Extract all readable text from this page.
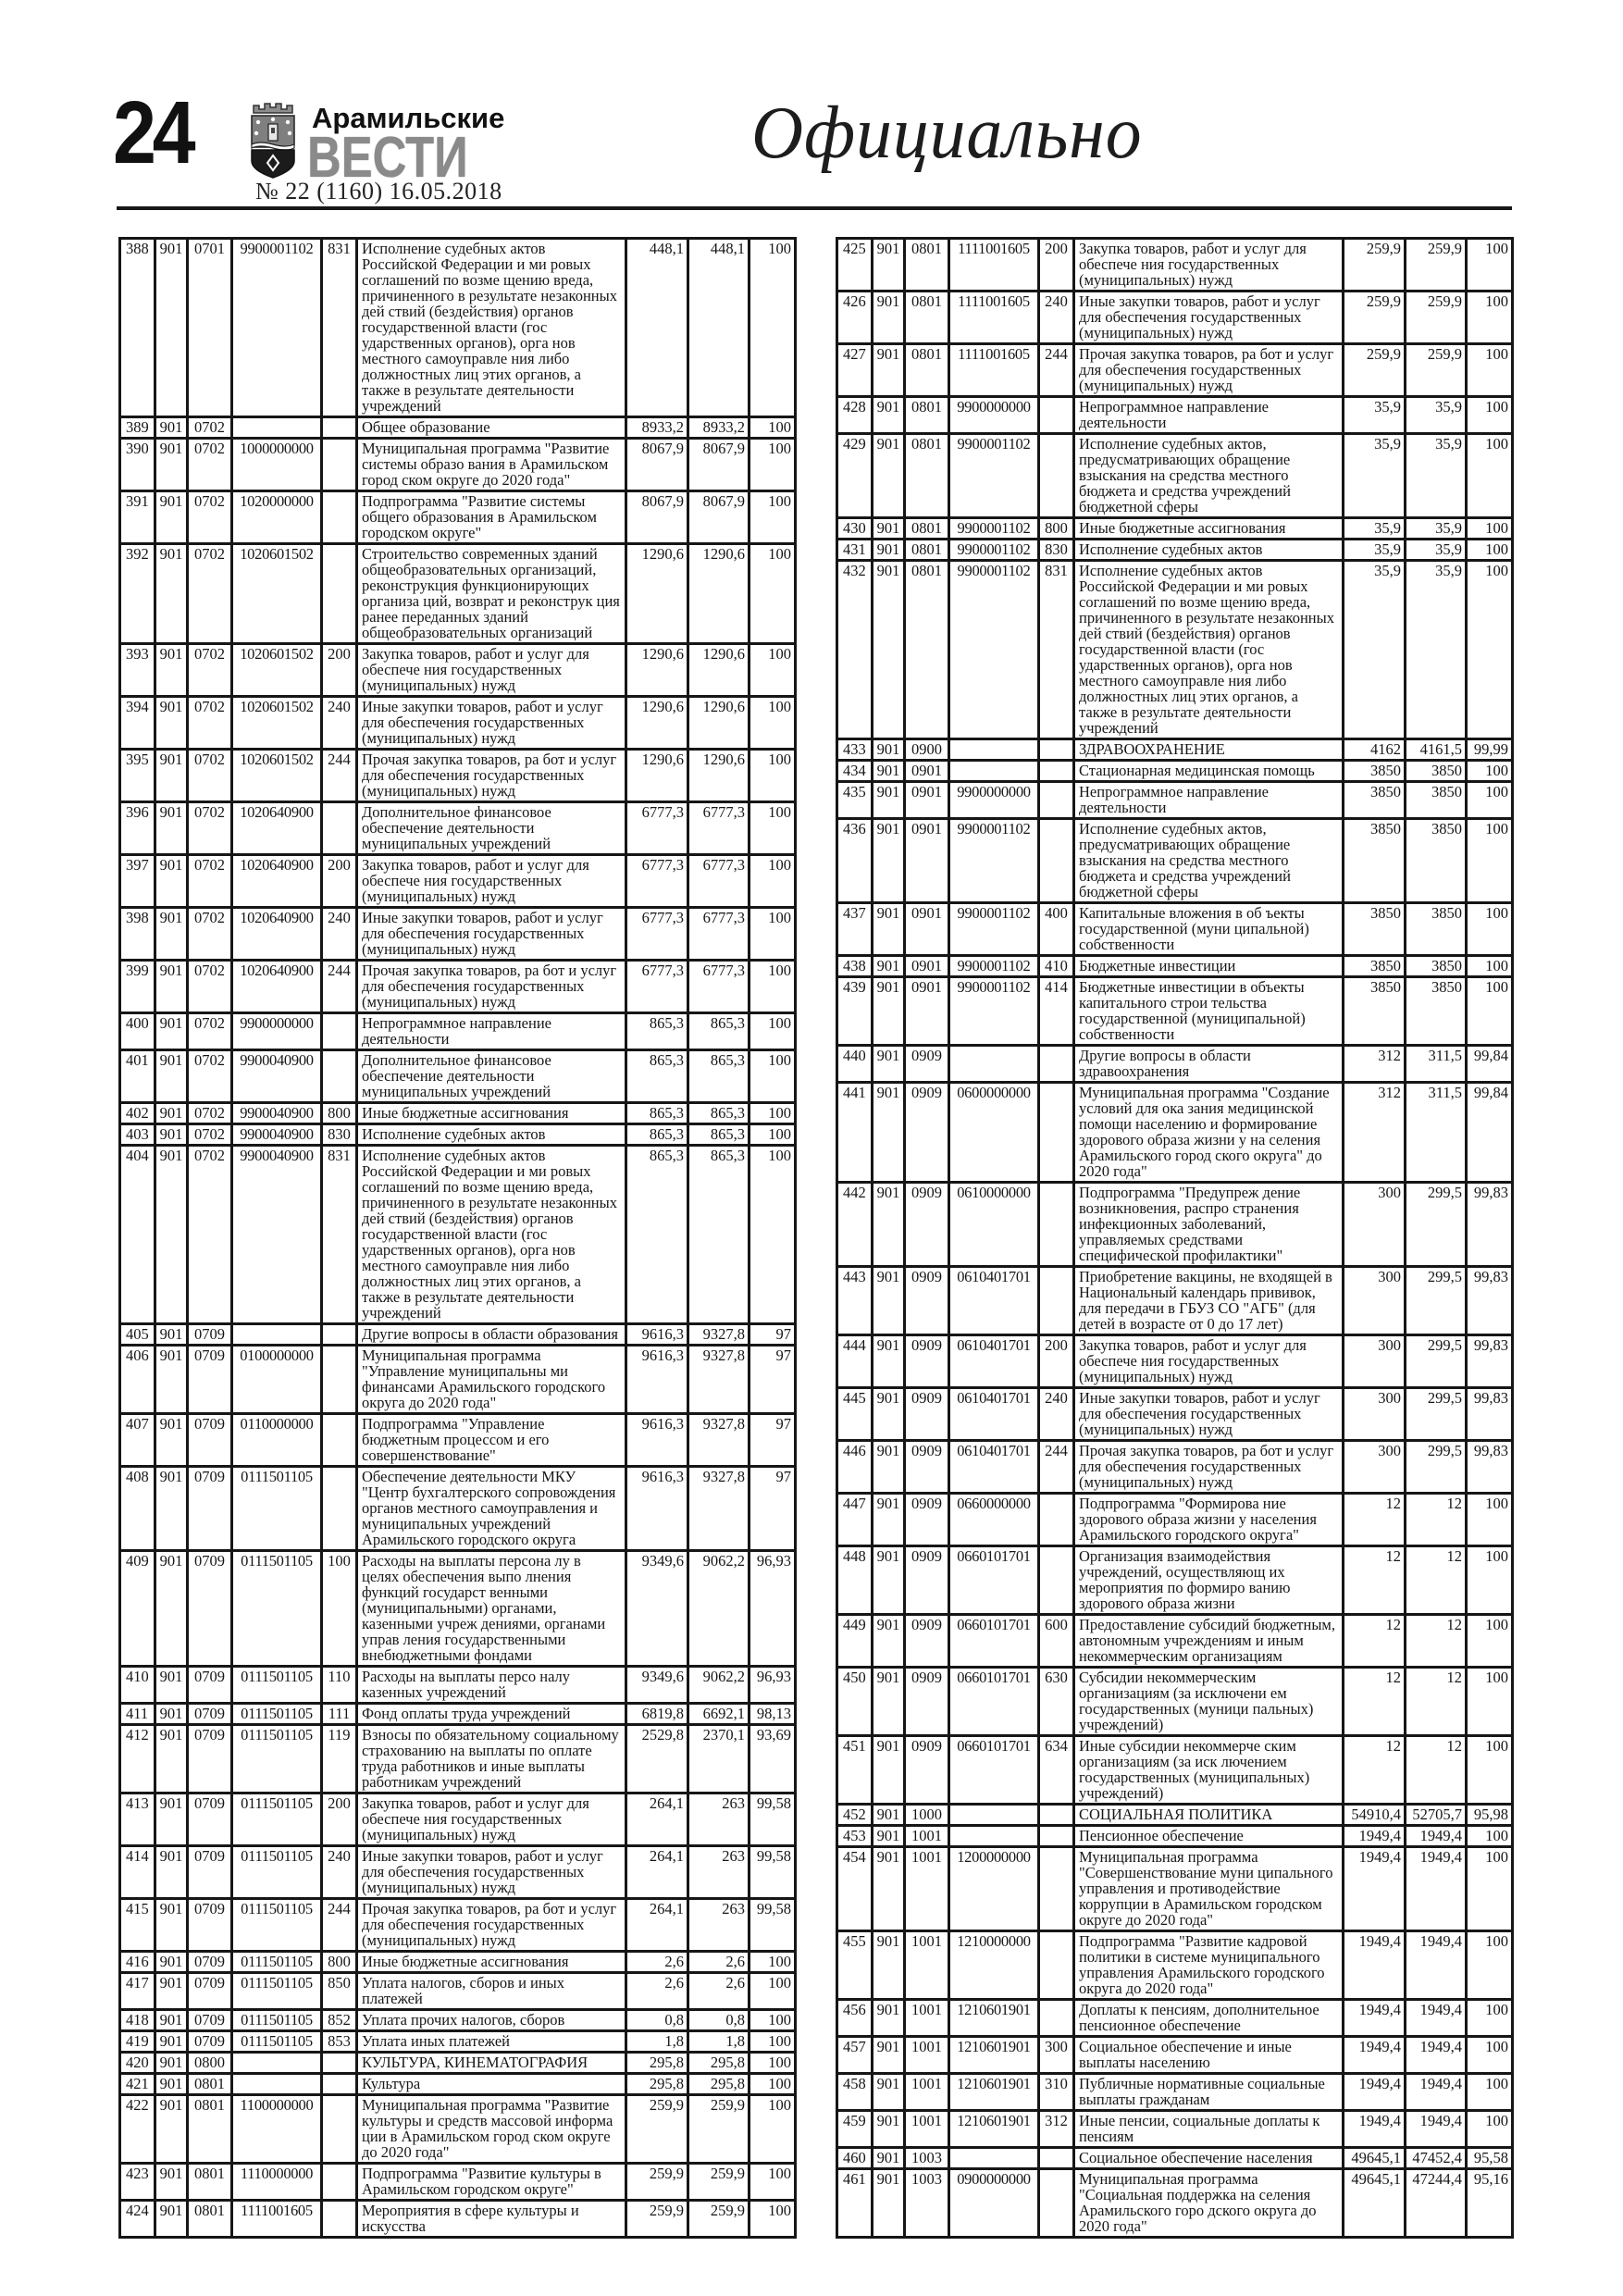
24	Арамильские
ВЕСТИ
№ 22 (1160) 16.05.2018
Официально
388	901	0701	9900001102	831	Исполнение судебных актов Российской Федерации и ми ровых соглашений по возме щению вреда, причиненного в результате незаконных дей ствий (бездействия) органов государственной власти (гос ударственных органов), орга нов местного самоуправле ния либо должностных лиц этих органов, а также в результате деятельности учреждений	448,1	448,1	100
389	901	0702			Общее образование	8933,2	8933,2	100
390	901	0702	1000000000		Муниципальная программа "Развитие системы образо вания в Арамильском город ском округе до 2020 года"	8067,9	8067,9	100
391	901	0702	1020000000		Подпрограмма "Развитие системы общего образования в Арамильском городском округе"	8067,9	8067,9	100
392	901	0702	1020601502		Строительство современных зданий общеобразовательных организаций, реконструкция функционирующих организа ций, возврат и реконструк ция ранее переданных зданий общеобразовательных организаций	1290,6	1290,6	100
393	901	0702	1020601502	200	Закупка товаров, работ и услуг для обеспече ния государственных (муниципальных) нужд	1290,6	1290,6	100
394	901	0702	1020601502	240	Иные закупки товаров, работ и услуг для обеспечения государственных (муниципальных) нужд	1290,6	1290,6	100
395	901	0702	1020601502	244	Прочая закупка товаров, ра бот и услуг для обеспечения государственных (муниципальных) нужд	1290,6	1290,6	100
396	901	0702	1020640900		Дополнительное финансовое обеспечение деятельности муниципальных учреждений	6777,3	6777,3	100
397	901	0702	1020640900	200	Закупка товаров, работ и услуг для обеспече ния государственных (муниципальных) нужд	6777,3	6777,3	100
398	901	0702	1020640900	240	Иные закупки товаров, работ и услуг для обеспечения государственных (муниципальных) нужд	6777,3	6777,3	100
399	901	0702	1020640900	244	Прочая закупка товаров, ра бот и услуг для обеспечения государственных (муниципальных) нужд	6777,3	6777,3	100
400	901	0702	9900000000		Непрограммное направление деятельности	865,3	865,3	100
401	901	0702	9900040900		Дополнительное финансовое обеспечение деятельности муниципальных учреждений	865,3	865,3	100
402	901	0702	9900040900	800	Иные бюджетные ассигнования	865,3	865,3	100
403	901	0702	9900040900	830	Исполнение судебных актов	865,3	865,3	100
404	901	0702	9900040900	831	Исполнение судебных актов Российской Федерации и ми ровых соглашений по возме щению вреда, причиненного в результате незаконных дей ствий (бездействия) органов государственной власти (гос ударственных органов), орга нов местного самоуправле ния либо должностных лиц этих органов, а также в результате деятельности учреждений	865,3	865,3	100
405	901	0709			Другие вопросы в области образования	9616,3	9327,8	97
406	901	0709	0100000000		Муниципальная программа "Управление муниципальны ми финансами Арамильского городского округа до 2020 года"	9616,3	9327,8	97
407	901	0709	0110000000		Подпрограмма "Управление бюджетным процессом и его совершенствование"	9616,3	9327,8	97
408	901	0709	0111501105		Обеспечение деятельности МКУ "Центр бухгалтерского сопровождения органов местного самоуправления и муниципальных учреждений Арамильского городского округа	9616,3	9327,8	97
409	901	0709	0111501105	100	Расходы на выплаты персона лу в целях обеспечения выпо лнения функций государст венными (муниципальными) органами, казенными учреж дениями, органами управ ления государственными внебюджетными фондами	9349,6	9062,2	96,93
410	901	0709	0111501105	110	Расходы на выплаты персо налу казенных учреждений	9349,6	9062,2	96,93
411	901	0709	0111501105	111	Фонд оплаты труда учреждений	6819,8	6692,1	98,13
412	901	0709	0111501105	119	Взносы по обязательному социальному страхованию на выплаты по оплате труда работников и иные выплаты работникам учреждений	2529,8	2370,1	93,69
413	901	0709	0111501105	200	Закупка товаров, работ и услуг для обеспече ния государственных (муниципальных) нужд	264,1	263	99,58
414	901	0709	0111501105	240	Иные закупки товаров, работ и услуг для обеспечения государственных (муниципальных) нужд	264,1	263	99,58
415	901	0709	0111501105	244	Прочая закупка товаров, ра бот и услуг для обеспечения государственных (муниципальных) нужд	264,1	263	99,58
416	901	0709	0111501105	800	Иные бюджетные ассигнования	2,6	2,6	100
417	901	0709	0111501105	850	Уплата налогов, сборов и иных платежей	2,6	2,6	100
418	901	0709	0111501105	852	Уплата прочих налогов, сборов	0,8	0,8	100
419	901	0709	0111501105	853	Уплата иных платежей	1,8	1,8	100
420	901	0800			КУЛЬТУРА, КИНЕМАТОГРАФИЯ	295,8	295,8	100
421	901	0801			Культура	295,8	295,8	100
422	901	0801	1100000000		Муниципальная программа "Развитие культуры и средств массовой информа ции в Арамильском город ском округе до 2020 года"	259,9	259,9	100
423	901	0801	1110000000		Подпрограмма "Развитие культуры в Арамильском городском округе"	259,9	259,9	100
424	901	0801	1111001605		Мероприятия в сфере культуры и искусства	259,9	259,9	100
425	901	0801	1111001605	200	Закупка товаров, работ и услуг для обеспече ния государственных (муниципальных) нужд	259,9	259,9	100
426	901	0801	1111001605	240	Иные закупки товаров, работ и услуг для обеспечения государственных (муниципальных) нужд	259,9	259,9	100
427	901	0801	1111001605	244	Прочая закупка товаров, ра бот и услуг для обеспечения государственных (муниципальных) нужд	259,9	259,9	100
428	901	0801	9900000000		Непрограммное направление деятельности	35,9	35,9	100
429	901	0801	9900001102		Исполнение судебных актов, предусматривающих обращение взыскания на средства местного бюджета и средства учреждений бюджетной сферы	35,9	35,9	100
430	901	0801	9900001102	800	Иные бюджетные ассигнования	35,9	35,9	100
431	901	0801	9900001102	830	Исполнение судебных актов	35,9	35,9	100
432	901	0801	9900001102	831	Исполнение судебных актов Российской Федерации и ми ровых соглашений по возме щению вреда, причиненного в результате незаконных дей ствий (бездействия) органов государственной власти (гос ударственных органов), орга нов местного самоуправле ния либо должностных лиц этих органов, а также в результате деятельности учреждений	35,9	35,9	100
433	901	0900			ЗДРАВООХРАНЕНИЕ	4162	4161,5	99,99
434	901	0901			Стационарная медицинская помощь	3850	3850	100
435	901	0901	9900000000		Непрограммное направление деятельности	3850	3850	100
436	901	0901	9900001102		Исполнение судебных актов, предусматривающих обращение взыскания на средства местного бюджета и средства учреждений бюджетной сферы	3850	3850	100
437	901	0901	9900001102	400	Капитальные вложения в об ъекты государственной (муни ципальной) собственности	3850	3850	100
438	901	0901	9900001102	410	Бюджетные инвестиции	3850	3850	100
439	901	0901	9900001102	414	Бюджетные инвестиции в объекты капитального строи тельства государственной (муниципальной) собственности	3850	3850	100
440	901	0909			Другие вопросы в области здравоохранения	312	311,5	99,84
441	901	0909	0600000000		Муниципальная программа "Создание условий для ока зания медицинской помощи населению и формирование здорового образа жизни у на селения Арамильского город ского округа" до 2020 года"	312	311,5	99,84
442	901	0909	0610000000		Подпрограмма "Предупреж дение возникновения, распро странения инфекционных заболеваний, управляемых средствами специфической профилактики"	300	299,5	99,83
443	901	0909	0610401701		Приобретение вакцины, не входящей в Национальный календарь прививок, для передачи в ГБУЗ СО "АГБ" (для детей в возрасте от 0 до 17 лет)	300	299,5	99,83
444	901	0909	0610401701	200	Закупка товаров, работ и услуг для обеспече ния государственных (муниципальных) нужд	300	299,5	99,83
445	901	0909	0610401701	240	Иные закупки товаров, работ и услуг для обеспечения государственных (муниципальных) нужд	300	299,5	99,83
446	901	0909	0610401701	244	Прочая закупка товаров, ра бот и услуг для обеспечения государственных (муниципальных) нужд	300	299,5	99,83
447	901	0909	0660000000		Подпрограмма "Формирова ние здорового образа жизни у населения Арамильского городского округа"	12	12	100
448	901	0909	0660101701		Организация взаимодействия учреждений, осуществляющ их мероприятия по формиро ванию здорового образа жизни	12	12	100
449	901	0909	0660101701	600	Предоставление субсидий бюджетным, автономным учреждениям и иным некоммерческим организациям	12	12	100
450	901	0909	0660101701	630	Субсидии некоммерческим организациям (за исключени ем государственных (муници пальных) учреждений)	12	12	100
451	901	0909	0660101701	634	Иные субсидии некоммерче ским организациям (за иск лючением государственных (муниципальных) учреждений)	12	12	100
452	901	1000			СОЦИАЛЬНАЯ ПОЛИТИКА	54910,4	52705,7	95,98
453	901	1001			Пенсионное обеспечение	1949,4	1949,4	100
454	901	1001	1200000000		Муниципальная программа "Совершенствование муни ципального управления и противодействие коррупции в Арамильском городском округе до 2020 года"	1949,4	1949,4	100
455	901	1001	1210000000		Подпрограмма "Развитие кадровой политики в системе муниципального управления Арамильского городского округа до 2020 года"	1949,4	1949,4	100
456	901	1001	1210601901		Доплаты к пенсиям, дополнительное пенсионное обеспечение	1949,4	1949,4	100
457	901	1001	1210601901	300	Социальное обеспечение и иные выплаты населению	1949,4	1949,4	100
458	901	1001	1210601901	310	Публичные нормативные социальные выплаты гражданам	1949,4	1949,4	100
459	901	1001	1210601901	312	Иные пенсии, социальные доплаты к пенсиям	1949,4	1949,4	100
460	901	1003			Социальное обеспечение населения	49645,1	47452,4	95,58
461	901	1003	0900000000		Муниципальная программа "Социальная поддержка на селения Арамильского горо дского округа до 2020 года"	49645,1	47244,4	95,16
